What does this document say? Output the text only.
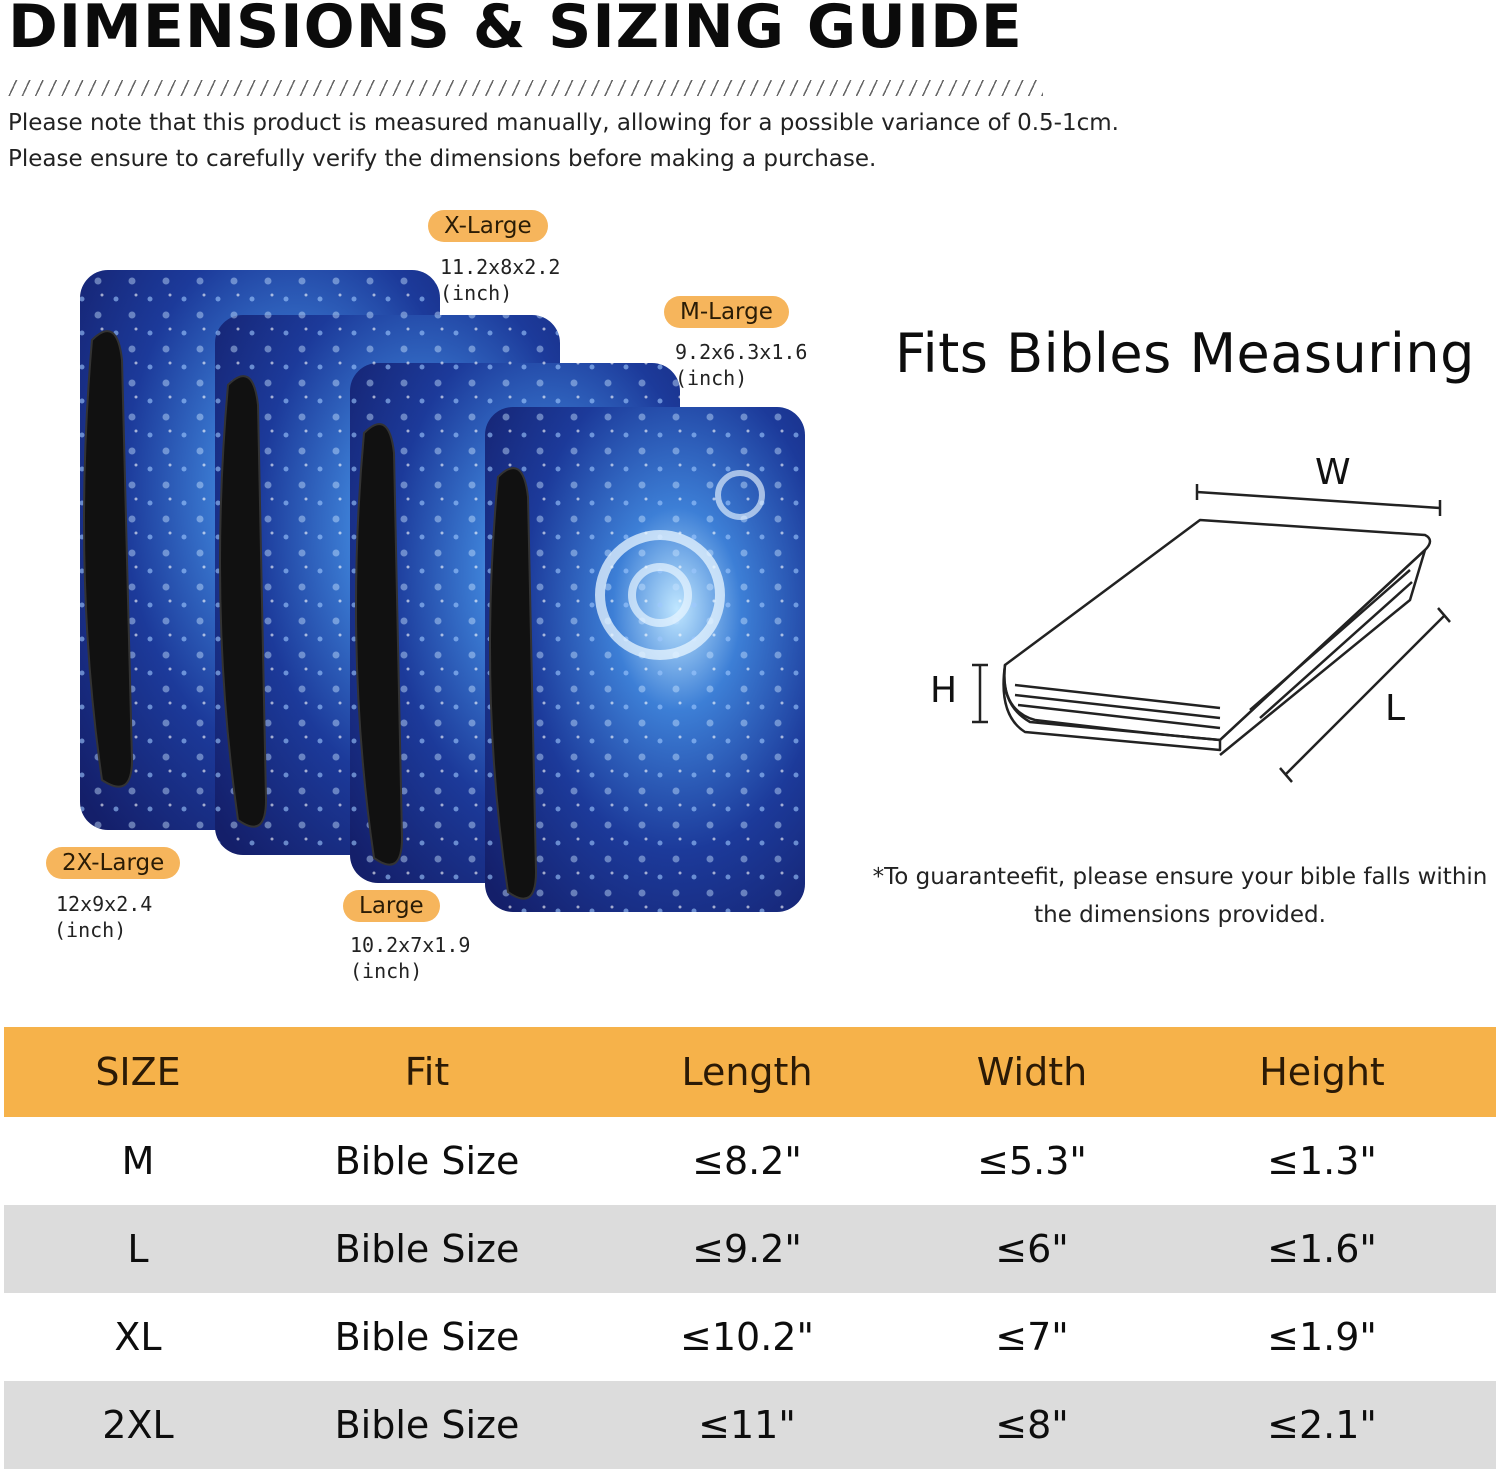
DIMENSIONS & SIZING GUIDE
Please note that this product is measured manually, allowing for a possible variance of 0.5-1cm.
Please ensure to carefully verify the dimensions before making a purchase.
X-Large
11.2x8x2.2
(inch)
M-Large
9.2x6.3x1.6
(inch)
2X-Large
12x9x2.4
(inch)
Large
10.2x7x1.9
(inch)
Fits Bibles Measuring
W
H	L
*To guaranteefit, please ensure your bible falls within the dimensions provided.
SIZE	Fit	Length	Width	Height
M	Bible Size	≤8.2"	≤5.3"	≤1.3"
L	Bible Size	≤9.2"	≤6"	≤1.6"
XL	Bible Size	≤10.2"	≤7"	≤1.9"
2XL	Bible Size	≤11"	≤8"	≤2.1"
